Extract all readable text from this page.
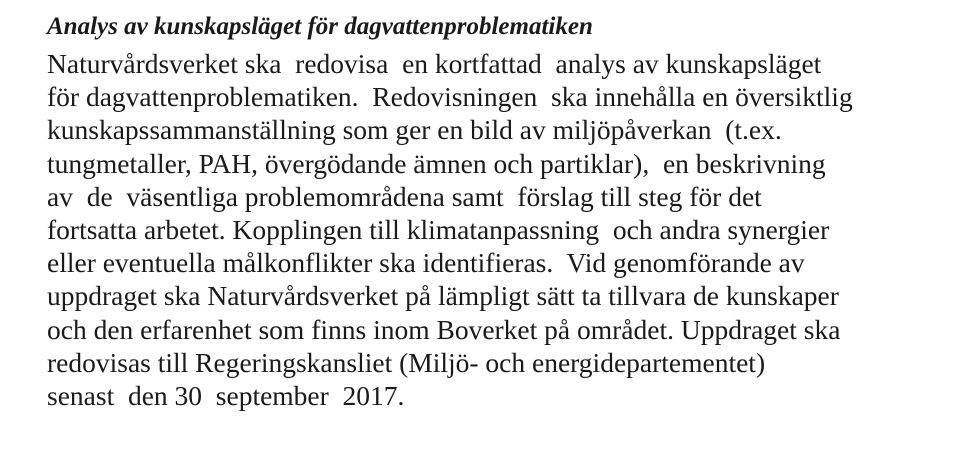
Analys av kunskapsläget för dagvattenproblematiken
Naturvårdsverket ska  redovisa  en kortfattad  analys av kunskapsläget
för dagvattenproblematiken.  Redovisningen  ska innehålla en översiktlig
kunskapssammanställning som ger en bild av miljöpåverkan  (t.ex.
tungmetaller, PAH, övergödande ämnen och partiklar),  en beskrivning
av  de  väsentliga problemområdena samt  förslag till steg för det
fortsatta arbetet. Kopplingen till klimatanpassning  och andra synergier
eller eventuella målkonflikter ska identifieras.  Vid genomförande av
uppdraget ska Naturvårdsverket på lämpligt sätt ta tillvara de kunskaper
och den erfarenhet som finns inom Boverket på området. Uppdraget ska
redovisas till Regeringskansliet (Miljö- och energidepartementet)
senast  den 30  september  2017.
